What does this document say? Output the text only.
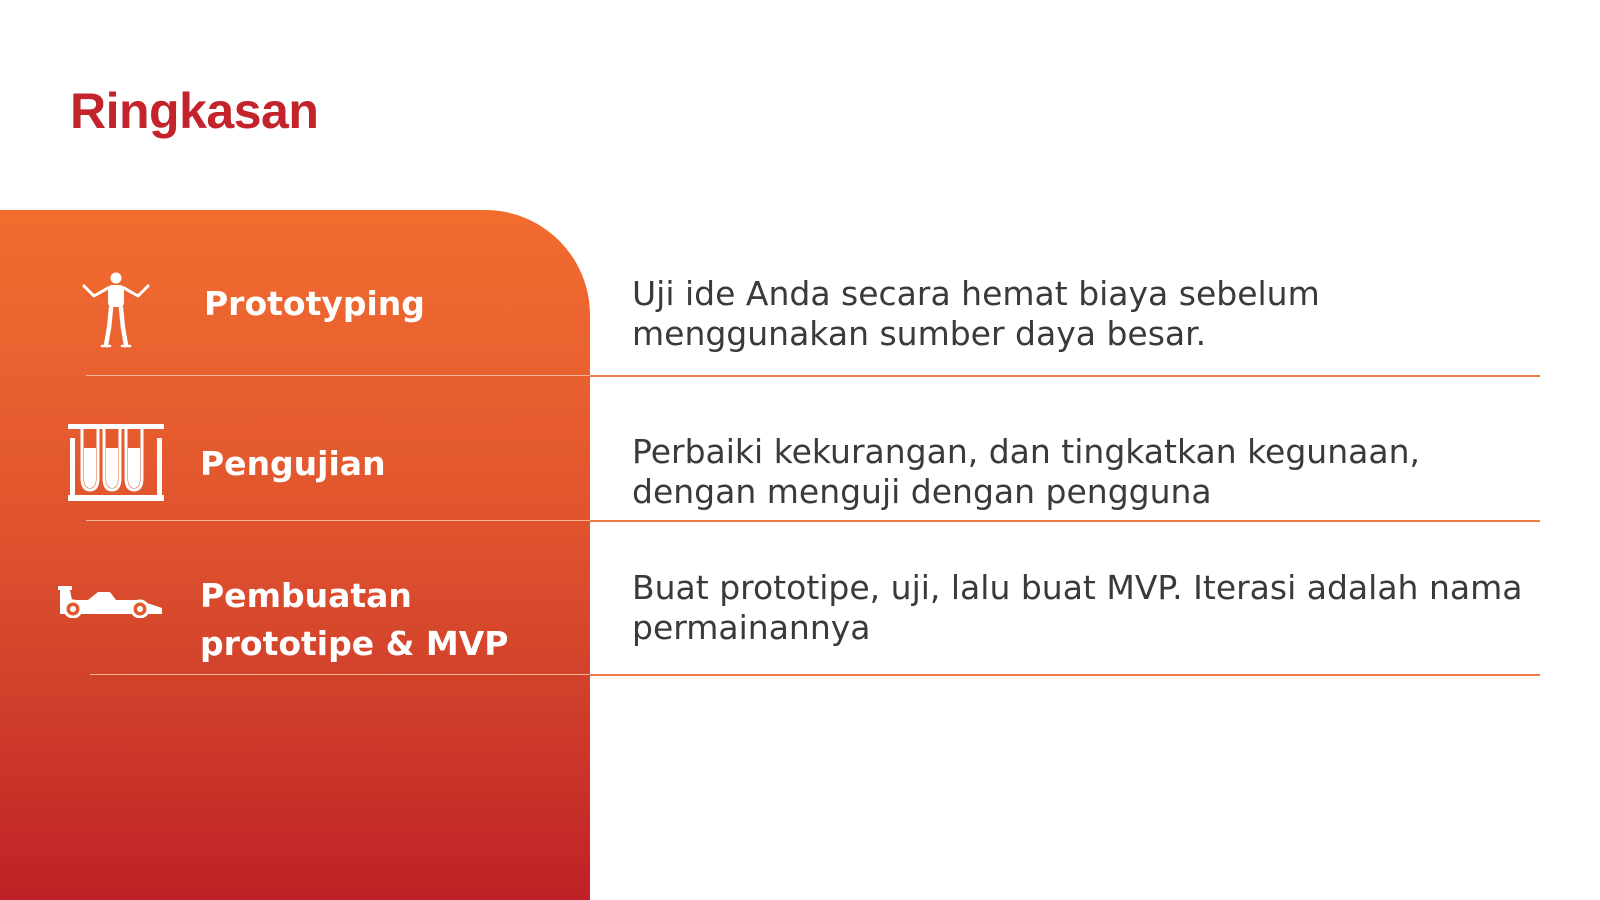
Ringkasan
Prototyping	Uji ide Anda secara hemat biaya sebelum menggunakan sumber daya besar.
Pengujian	Perbaiki kekurangan, dan tingkatkan kegunaan, dengan menguji dengan pengguna
Pembuatan prototipe & MVP
Buat prototipe, uji, lalu buat MVP. Iterasi adalah nama permainannya
